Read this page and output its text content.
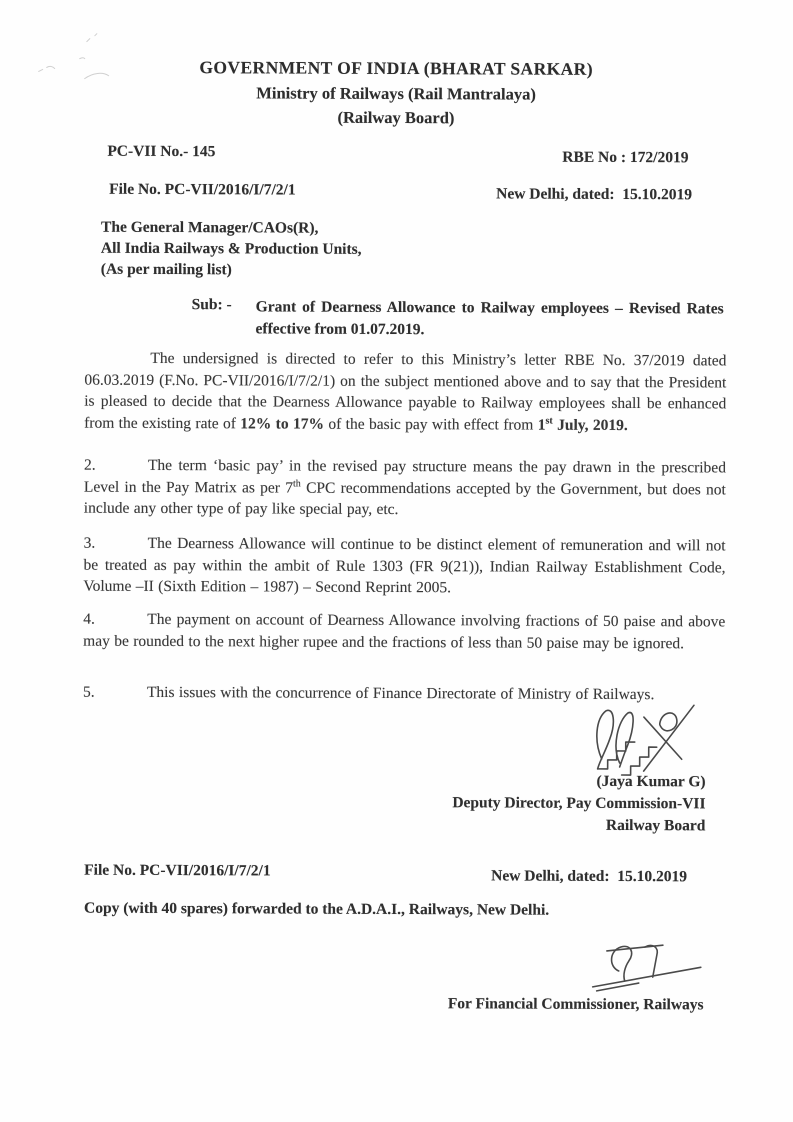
GOVERNMENT OF INDIA (BHARAT SARKAR)
Ministry of Railways (Rail Mantralaya)
(Railway Board)
PC-VII No.- 145	RBE No : 172/2019
File No. PC-VII/2016/I/7/2/1	New Delhi, dated:  15.10.2019
The General Manager/CAOs(R),
All India Railways & Production Units,
(As per mailing list)
Sub: -	Grant of Dearness Allowance to Railway employees – Revised Rates effective from 01.07.2019.

The undersigned is directed to refer to this Ministry’s letter RBE No. 37/2019 dated 06.03.2019 (F.No. PC-VII/2016/I/7/2/1) on the subject mentioned above and to say that the President is pleased to decide that the Dearness Allowance payable to Railway employees shall be enhanced from the existing rate of 12% to 17% of the basic pay with effect from 1st July, 2019.

2.	The term ‘basic pay’ in the revised pay structure means the pay drawn in the prescribed Level in the Pay Matrix as per 7th CPC recommendations accepted by the Government, but does not include any other type of pay like special pay, etc.

3.	The Dearness Allowance will continue to be distinct element of remuneration and will not be treated as pay within the ambit of Rule 1303 (FR 9(21)), Indian Railway Establishment Code, Volume –II (Sixth Edition – 1987) – Second Reprint 2005.

4.	The payment on account of Dearness Allowance involving fractions of 50 paise and above may be rounded to the next higher rupee and the fractions of less than 50 paise may be ignored.

5.	This issues with the concurrence of Finance Directorate of Ministry of Railways.

(Jaya Kumar G)
Deputy Director, Pay Commission-VII
Railway Board
File No. PC-VII/2016/I/7/2/1	New Delhi, dated:  15.10.2019
Copy (with 40 spares) forwarded to the A.D.A.I., Railways, New Delhi.
For Financial Commissioner, Railways
